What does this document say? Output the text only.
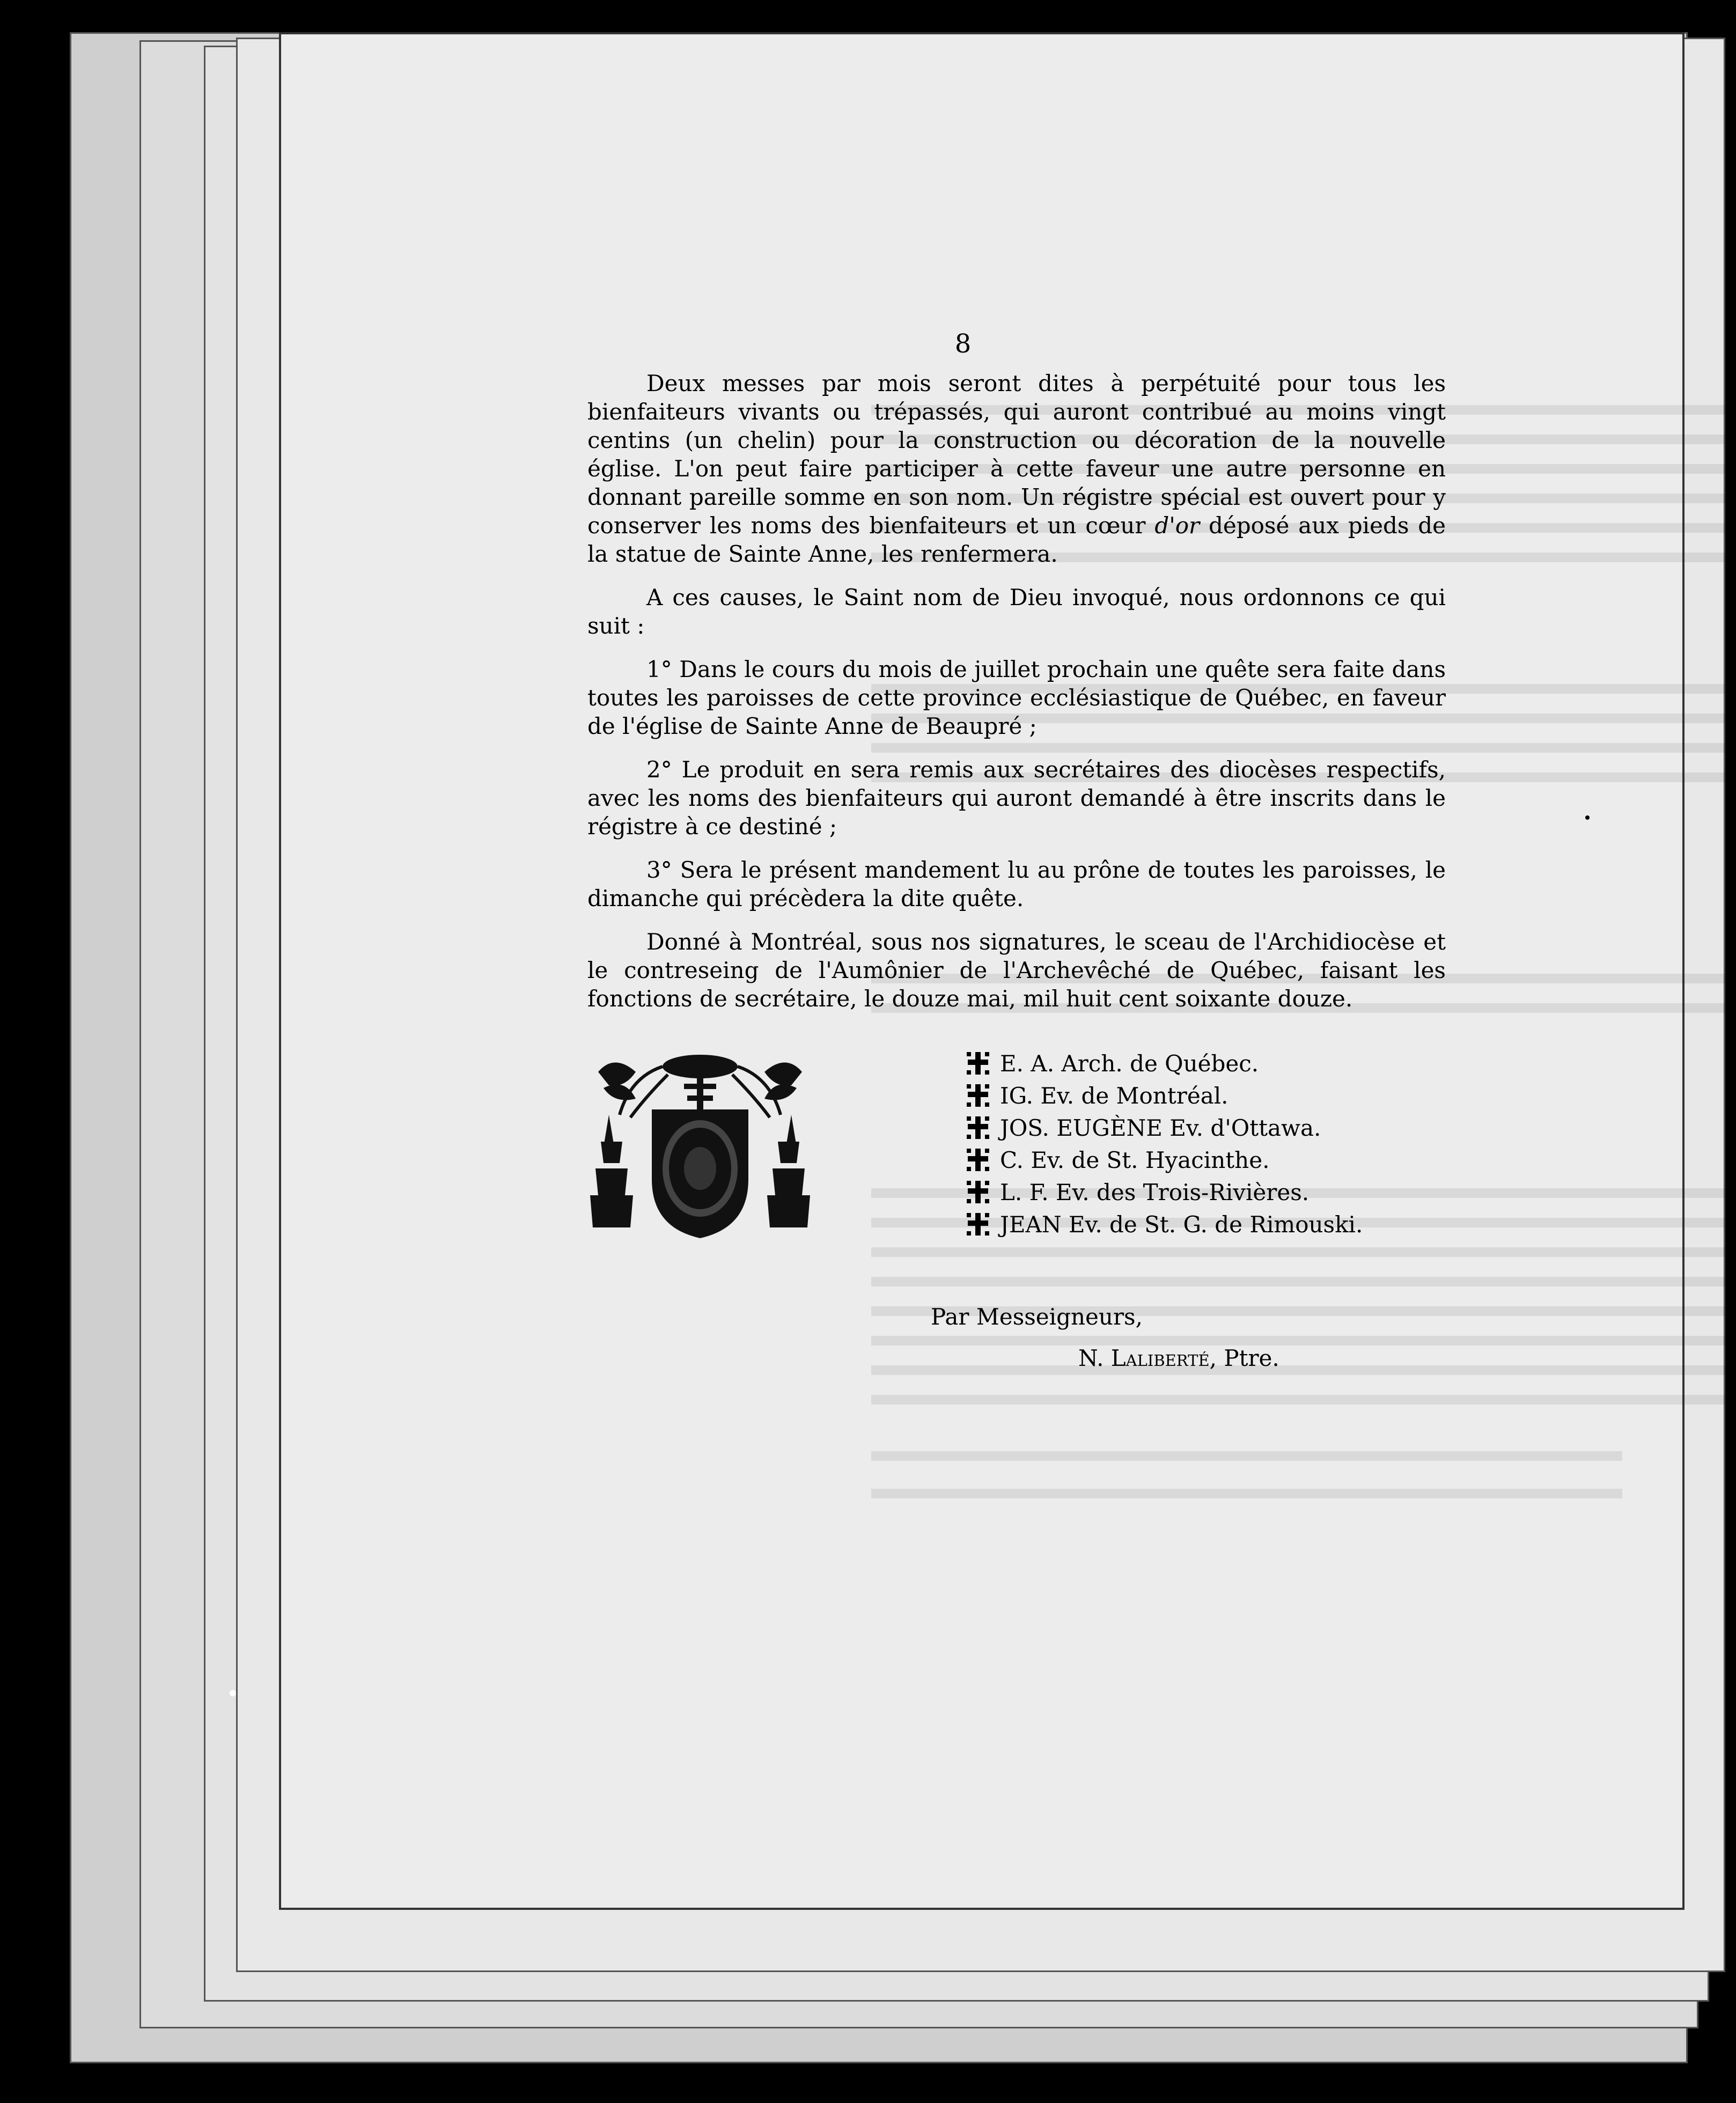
8

Deux messes par mois seront dites à perpétuité pour tous les bienfaiteurs vivants ou trépassés, qui auront contribué au moins vingt centins (un chelin) pour la construction ou décoration de la nouvelle église. L'on peut faire participer à cette faveur une autre personne en donnant pareille somme en son nom. Un régistre spécial est ouvert pour y conserver les noms des bienfaiteurs et un cœur d'or déposé aux pieds de la statue de Sainte Anne, les renfermera.

A ces causes, le Saint nom de Dieu invoqué, nous ordonnons ce qui suit :

1° Dans le cours du mois de juillet prochain une quête sera faite dans toutes les paroisses de cette province ecclésiastique de Québec, en faveur de l'église de Sainte Anne de Beaupré ;

2° Le produit en sera remis aux secrétaires des diocèses respectifs, avec les noms des bienfaiteurs qui auront demandé à être inscrits dans le régistre à ce destiné ;

3° Sera le présent mandement lu au prône de toutes les paroisses, le dimanche qui précèdera la dite quête.

Donné à Montréal, sous nos signatures, le sceau de l'Archidiocèse et le contreseing de l'Aumônier de l'Archevêché de Québec, faisant les fonctions de secrétaire, le douze mai, mil huit cent soixante douze.

E. A. Arch. de Québec.
IG. Ev. de Montréal.
JOS. EUGÈNE Ev. d'Ottawa.
C. Ev. de St. Hyacinthe.
L. F. Ev. des Trois-Rivières.
JEAN Ev. de St. G. de Rimouski.
Par Messeigneurs,
N. Laliberté, Ptre.
